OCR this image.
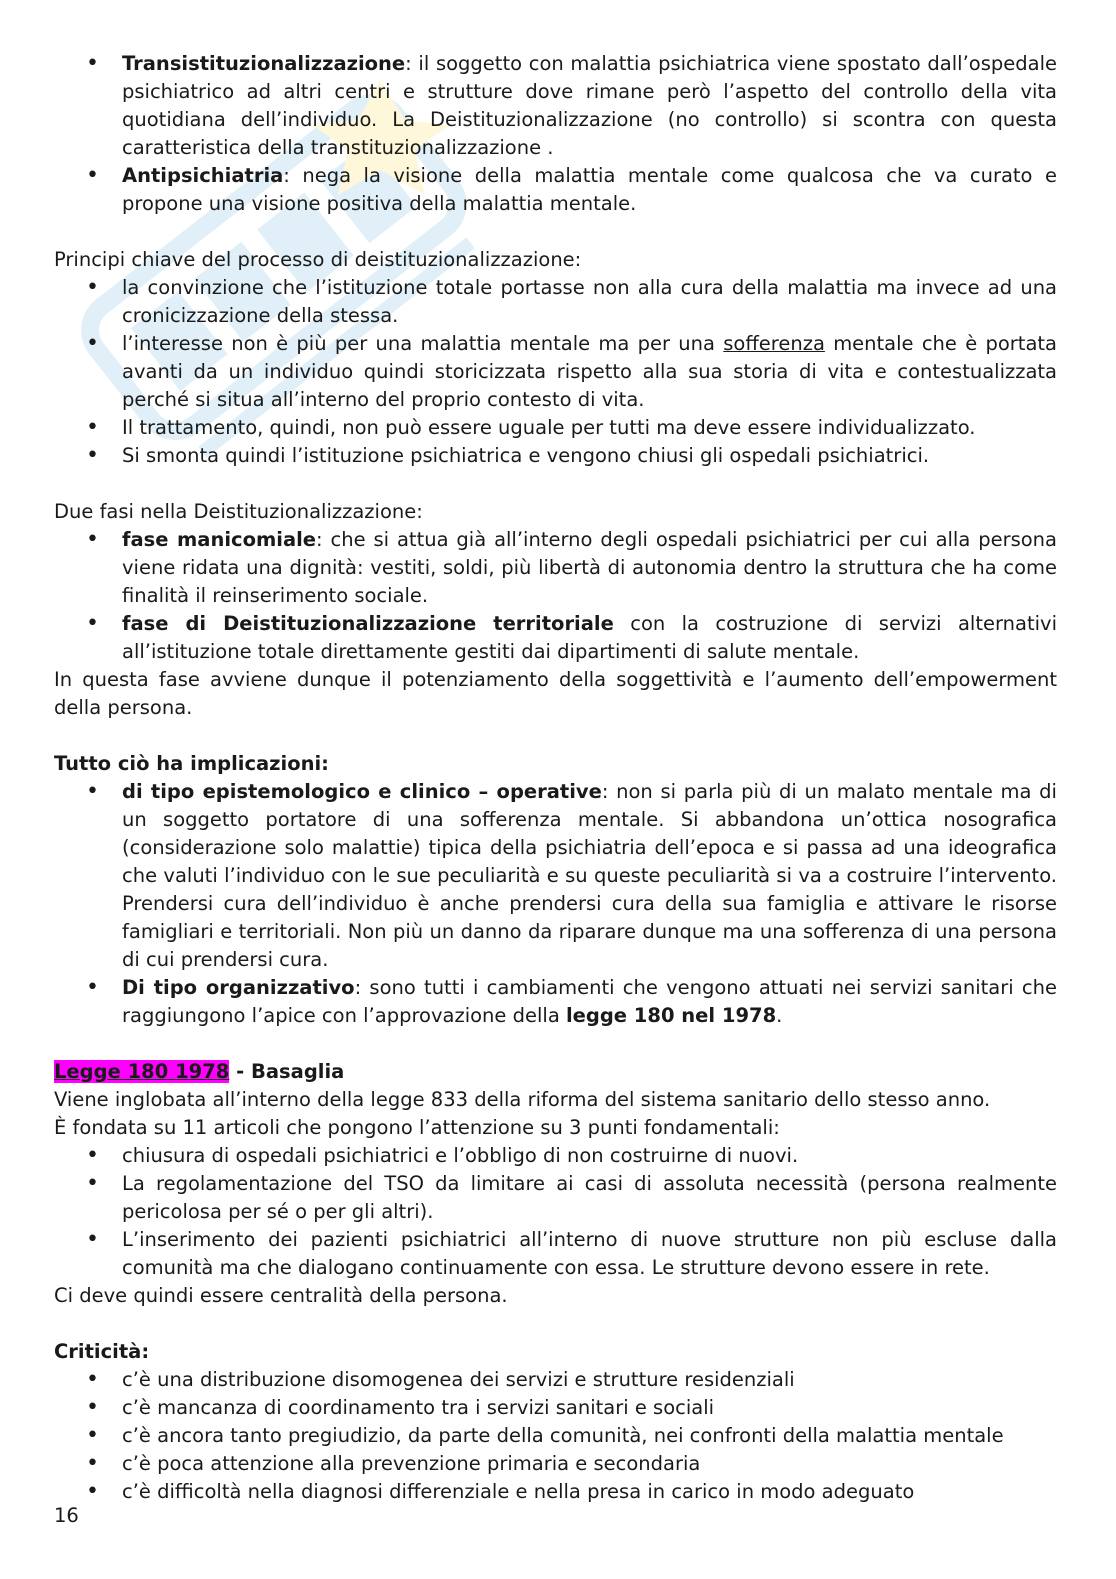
• Transistituzionalizzazione: il soggetto con malattia psichiatrica viene spostato dall’ospedale psichiatrico ad altri centri e strutture dove rimane però l’aspetto del controllo della vita quotidiana dell’individuo. La Deistituzionalizzazione (no controllo) si scontra con questa caratteristica della transtituzionalizzazione .
• Antipsichiatria: nega la visione della malattia mentale come qualcosa che va curato e propone una visione positiva della malattia mentale.

Principi chiave del processo di deistituzionalizzazione:

• la convinzione che l’istituzione totale portasse non alla cura della malattia ma invece ad una cronicizzazione della stessa.
• l’interesse non è più per una malattia mentale ma per una sofferenza mentale che è portata avanti da un individuo quindi storicizzata rispetto alla sua storia di vita e contestualizzata perché si situa all’interno del proprio contesto di vita.
• Il trattamento, quindi, non può essere uguale per tutti ma deve essere individualizzato.
• Si smonta quindi l’istituzione psichiatrica e vengono chiusi gli ospedali psichiatrici.

Due fasi nella Deistituzionalizzazione:

• fase manicomiale: che si attua già all’interno degli ospedali psichiatrici per cui alla persona viene ridata una dignità: vestiti, soldi, più libertà di autonomia dentro la struttura che ha come finalità il reinserimento sociale.
• fase di Deistituzionalizzazione territoriale con la costruzione di servizi alternativi all’istituzione totale direttamente gestiti dai dipartimenti di salute mentale.

In questa fase avviene dunque il potenziamento della soggettività e l’aumento dell’empowerment della persona.

Tutto ciò ha implicazioni:

• di tipo epistemologico e clinico – operative: non si parla più di un malato mentale ma di un soggetto portatore di una sofferenza mentale. Si abbandona un’ottica nosografica (considerazione solo malattie) tipica della psichiatria dell’epoca e si passa ad una ideografica che valuti l’individuo con le sue peculiarità e su queste peculiarità si va a costruire l’intervento. Prendersi cura dell’individuo è anche prendersi cura della sua famiglia e attivare le risorse famigliari e territoriali. Non più un danno da riparare dunque ma una sofferenza di una persona di cui prendersi cura.
• Di tipo organizzativo: sono tutti i cambiamenti che vengono attuati nei servizi sanitari che raggiungono l’apice con l’approvazione della legge 180 nel 1978.

Legge 180 1978 - Basaglia

Viene inglobata all’interno della legge 833 della riforma del sistema sanitario dello stesso anno.

È fondata su 11 articoli che pongono l’attenzione su 3 punti fondamentali:

• chiusura di ospedali psichiatrici e l’obbligo di non costruirne di nuovi.
• La regolamentazione del TSO da limitare ai casi di assoluta necessità (persona realmente pericolosa per sé o per gli altri).
• L’inserimento dei pazienti psichiatrici all’interno di nuove strutture non più escluse dalla comunità ma che dialogano continuamente con essa. Le strutture devono essere in rete.

Ci deve quindi essere centralità della persona.

Criticità:

• c’è una distribuzione disomogenea dei servizi e strutture residenziali
• c’è mancanza di coordinamento tra i servizi sanitari e sociali
• c’è ancora tanto pregiudizio, da parte della comunità, nei confronti della malattia mentale
• c’è poca attenzione alla prevenzione primaria e secondaria
• c’è difficoltà nella diagnosi differenziale e nella presa in carico in modo adeguato
16
